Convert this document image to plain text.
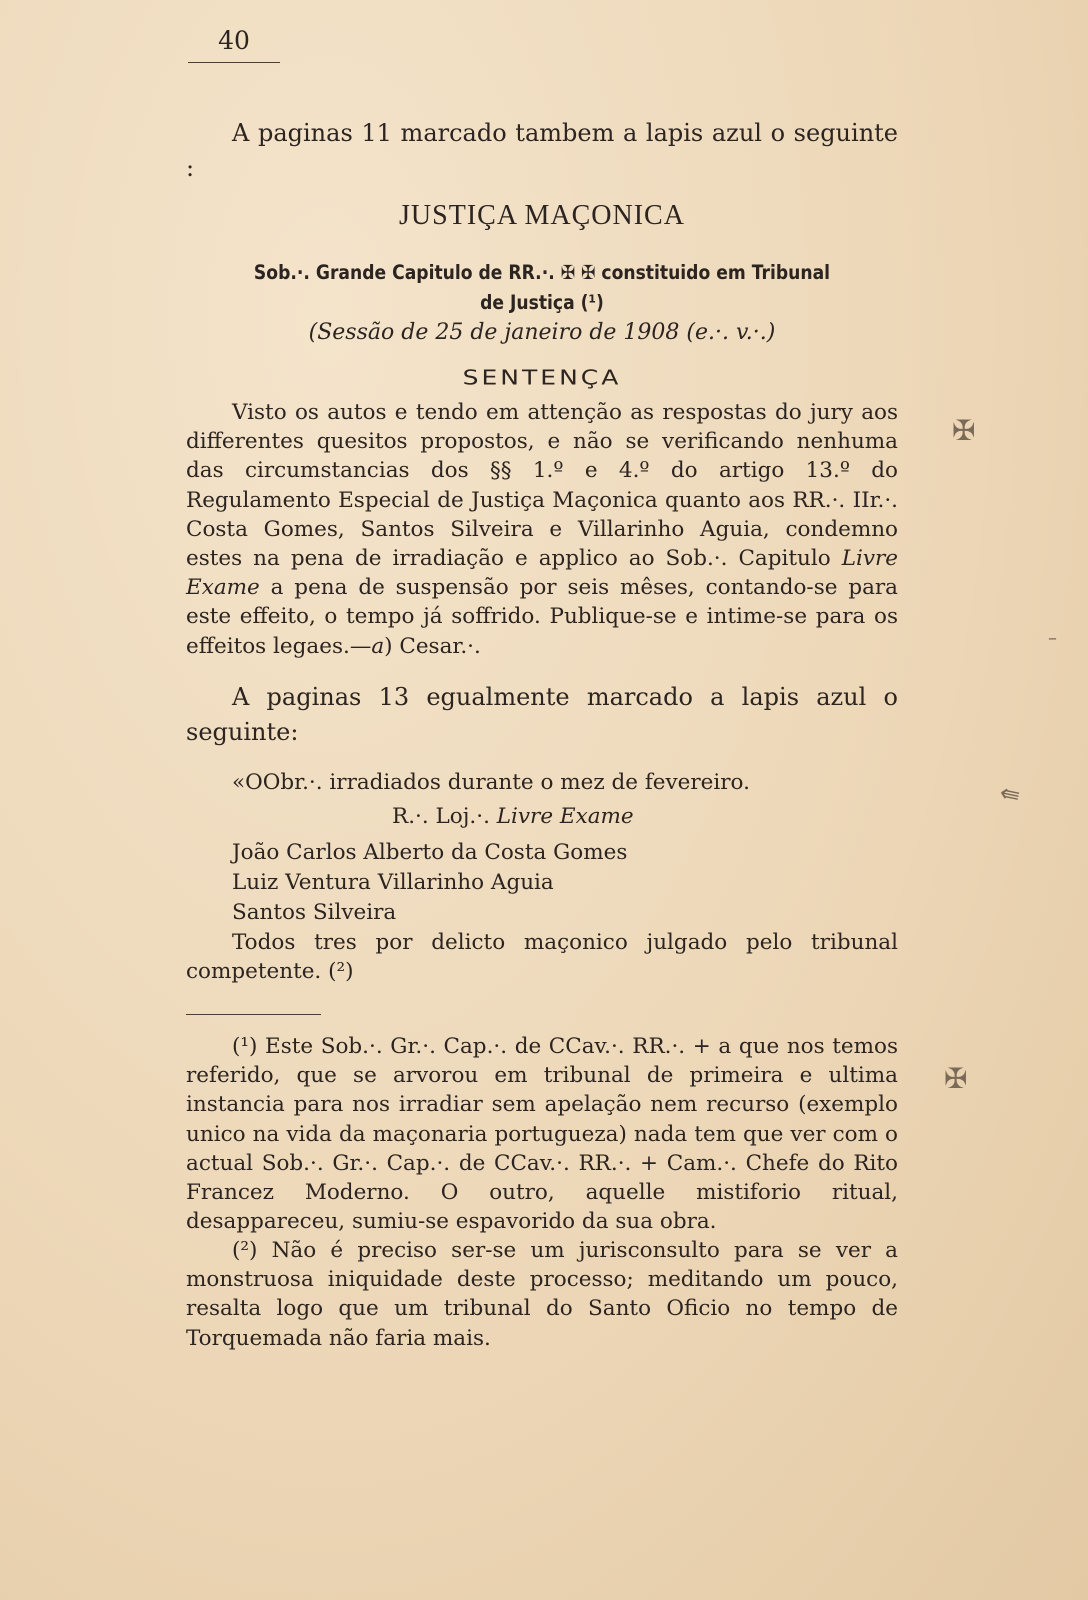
40

A paginas 11 marcado tambem a lapis azul o seguinte :

JUSTIÇA MAÇONICA
Sob.·. Grande Capitulo de RR.·. ✠ ✠ constituido em Tribunal
de Justiça (¹)
(Sessão de 25 de janeiro de 1908 (e.·. v.·.)
SENTENÇA

Visto os autos e tendo em attenção as respostas do jury aos differentes quesitos propostos, e não se verificando nenhuma das circumstancias dos §§ 1.º e 4.º do artigo 13.º do Regulamento Especial de Justiça Maçonica quanto aos RR.·. IIr.·. Costa Gomes, Santos Silveira e Villarinho Aguia, condemno estes na pena de irradiação e applico ao Sob.·. Capitulo Livre Exame a pena de suspensão por seis mêses, contando-se para este effeito, o tempo já soffrido. Publique-se e intime-se para os effeitos legaes.—a) Cesar.·.

A paginas 13 egualmente marcado a lapis azul o seguinte:

«OObr.·. irradiados durante o mez de fevereiro.
R.·. Loj.·. Livre Exame
João Carlos Alberto da Costa Gomes
Luiz Ventura Villarinho Aguia
Santos Silveira

Todos tres por delicto maçonico julgado pelo tribunal competente. (²)

(¹) Este Sob.·. Gr.·. Cap.·. de CCav.·. RR.·. + a que nos temos referido, que se arvorou em tribunal de primeira e ultima instancia para nos irradiar sem apelação nem recurso (exemplo unico na vida da maçonaria portugueza) nada tem que ver com o actual Sob.·. Gr.·. Cap.·. de CCav.·. RR.·. + Cam.·. Chefe do Rito Francez Moderno. O outro, aquelle mistiforio ritual, desappareceu, sumiu-se espavorido da sua obra.

(²) Não é preciso ser-se um jurisconsulto para se ver a monstruosa iniquidade deste processo; meditando um pouco, resalta logo que um tribunal do Santo Oficio no tempo de Torquemada não faria mais.

✠
⇚
✠
–
